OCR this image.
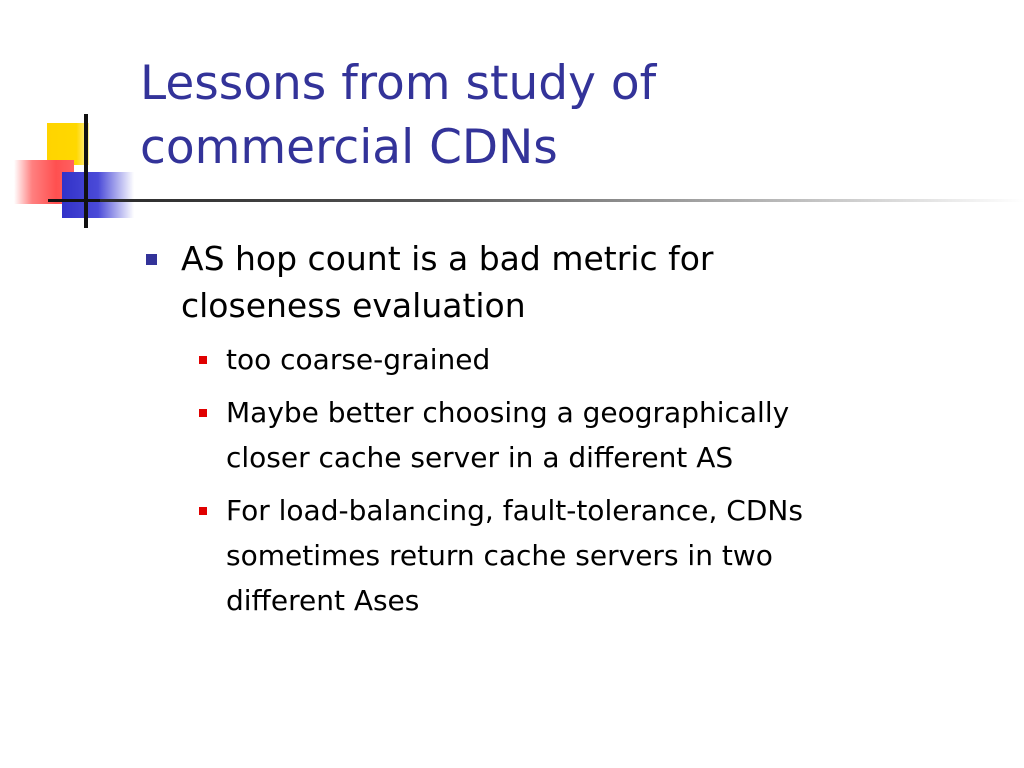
Lessons from study of
commercial CDNs
AS hop count is a bad metric for
closeness evaluation
too coarse-grained
Maybe better choosing a geographically
closer cache server in a different AS
For load-balancing, fault-tolerance, CDNs
sometimes return cache servers in two
different Ases
